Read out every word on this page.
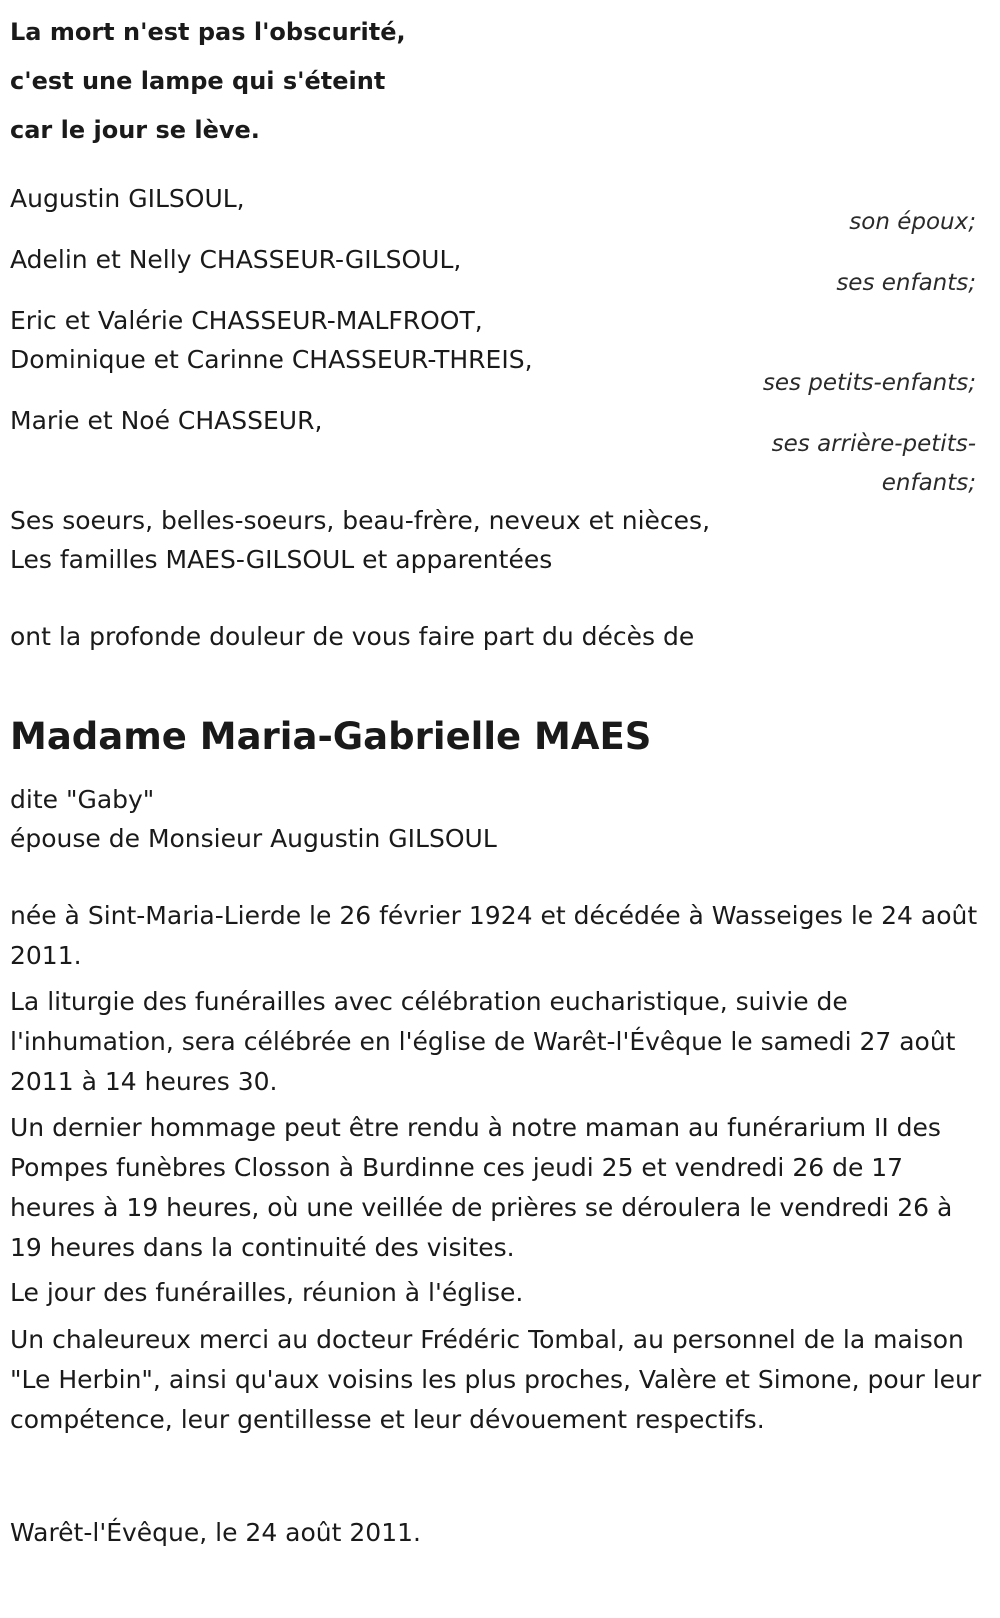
La mort n'est pas l'obscurité,
c'est une lampe qui s'éteint
car le jour se lève.
Augustin GILSOUL,
son époux;
Adelin et Nelly CHASSEUR-GILSOUL,
ses enfants;
Eric et Valérie CHASSEUR-MALFROOT,
Dominique et Carinne CHASSEUR-THREIS,
ses petits-enfants;
Marie et Noé CHASSEUR,
ses arrière-petits-
enfants;
Ses soeurs, belles-soeurs, beau-frère, neveux et nièces,
Les familles MAES-GILSOUL et apparentées
ont la profonde douleur de vous faire part du décès de
Madame Maria-Gabrielle MAES
dite "Gaby"
épouse de Monsieur Augustin GILSOUL
née à Sint-Maria-Lierde le 26 février 1924 et décédée à Wasseiges le 24 août 2011.
La liturgie des funérailles avec célébration eucharistique, suivie de l'inhumation, sera célébrée en l'église de Warêt-l'Évêque le samedi 27 août 2011 à 14 heures 30.
Un dernier hommage peut être rendu à notre maman au funérarium II des Pompes funèbres Closson à Burdinne ces jeudi 25 et vendredi 26 de 17 heures à 19 heures, où une veillée de prières se déroulera le vendredi 26 à 19 heures dans la continuité des visites.
Le jour des funérailles, réunion à l'église.
Un chaleureux merci au docteur Frédéric Tombal, au personnel de la maison "Le Herbin", ainsi qu'aux voisins les plus proches, Valère et Simone, pour leur compétence, leur gentillesse et leur dévouement respectifs.
Warêt-l'Évêque, le 24 août 2011.
